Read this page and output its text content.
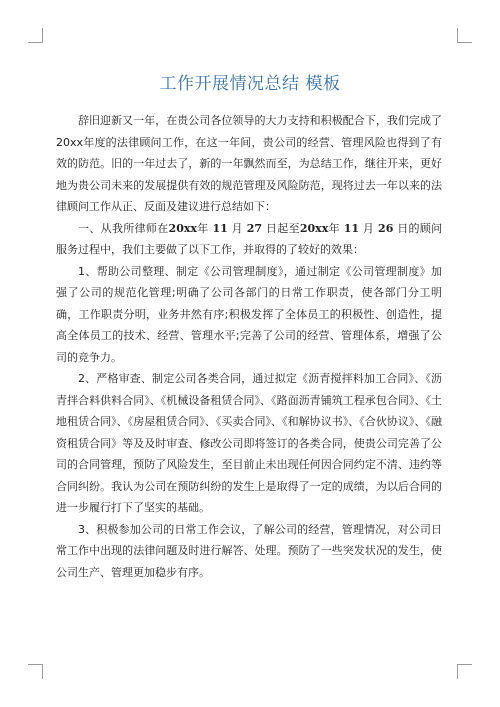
工作开展情况总结 模板

辞旧迎新又一年，在贵公司各位领导的大力支持和积极配合下，我们完成了20xx年度的法律顾问工作，在这一年间，贵公司的经营、管理风险也得到了有效的防范。旧的一年过去了，新的一年飘然而至，为总结工作，继往开来，更好地为贵公司未来的发展提供有效的规范管理及风险防范，现将过去一年以来的法律顾问工作从正、反面及建议进行总结如下：

一、从我所律师在20xx年 11 月 27 日起至20xx年 11 月 26 日的顾问服务过程中，我们主要做了以下工作，并取得的了较好的效果：

1、帮助公司整理、制定《公司管理制度》，通过制定《公司管理制度》加强了公司的规范化管理;明确了公司各部门的日常工作职责，使各部门分工明确，工作职责分明，业务井然有序;积极发挥了全体员工的积极性、创造性，提高全体员工的技术、经营、管理水平;完善了公司的经营、管理体系，增强了公司的竞争力。

2、严格审查、制定公司各类合同，通过拟定《沥青搅拌料加工合同》、《沥青拌合料供料合同》、《机械设备租赁合同》、《路面沥青铺筑工程承包合同》、《土地租赁合同》、《房屋租赁合同》、《买卖合同》、《和解协议书》、《合伙协议》、《融资租赁合同》等及及时审查、修改公司即将签订的各类合同，使贵公司完善了公司的合同管理，预防了风险发生，至目前止未出现任何因合同约定不清、违约等合同纠纷。我认为公司在预防纠纷的发生上是取得了一定的成绩，为以后合同的进一步履行打下了坚实的基础。

3、积极参加公司的日常工作会议，了解公司的经营，管理情况，对公司日常工作中出现的法律问题及时进行解答、处理。预防了一些突发状况的发生，使公司生产、管理更加稳步有序。
